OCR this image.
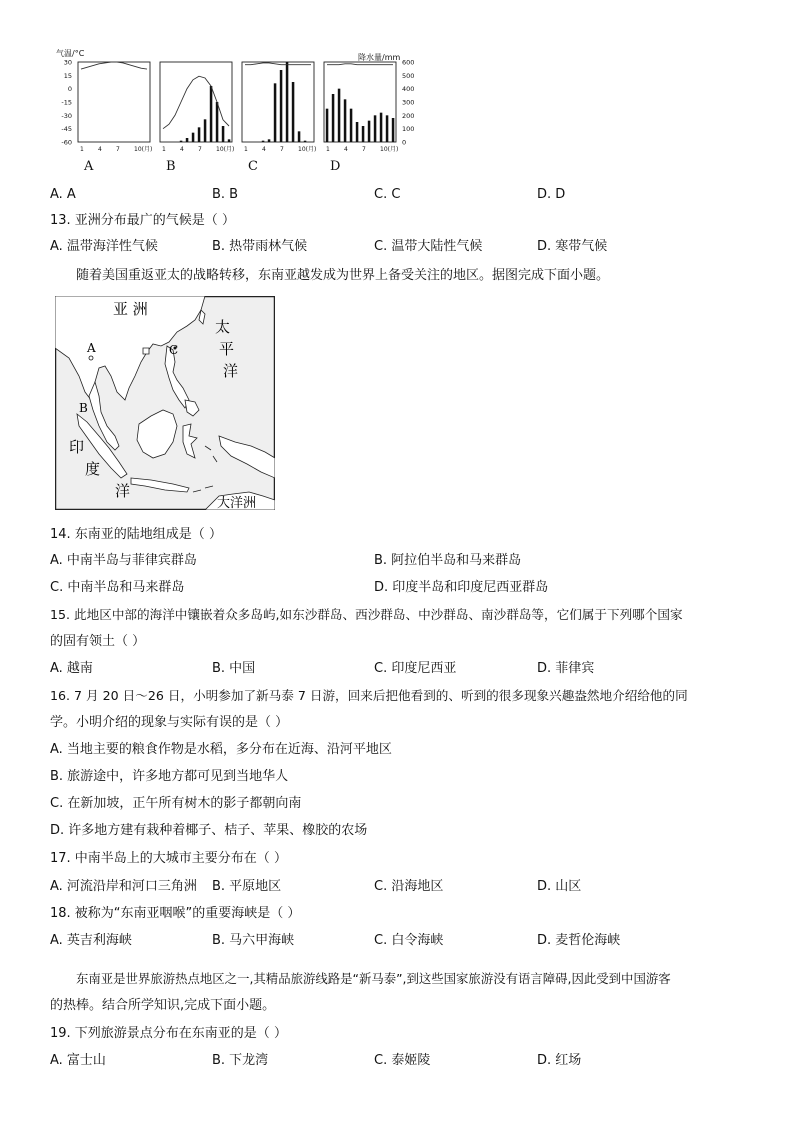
气温/°C	降水量/mm
30
15
0
-15
-30
-45
-60
600
500
400
300
200
100
0
1 4 7 10(月)
A
1 4 7 10(月)
B
1 4 7 10(月)
C
1 4 7 10(月)
D
A. A	B. B	C. C	D. D
13. 亚洲分布最广的气候是（ ）
A. 温带海洋性气候	B. 热带雨林气候	C. 温带大陆性气候	D. 寒带气候
随着美国重返亚太的战略转移，东南亚越发成为世界上备受关注的地区。据图完成下面小题。
亚 洲
太
平
洋
印
度
洋
大洋洲
A
B
C
14. 东南亚的陆地组成是（ ）
A. 中南半岛与菲律宾群岛	B. 阿拉伯半岛和马来群岛
C. 中南半岛和马来群岛	D. 印度半岛和印度尼西亚群岛
15. 此地区中部的海洋中镶嵌着众多岛屿,如东沙群岛、西沙群岛、中沙群岛、南沙群岛等，它们属于下列哪个国家
的固有领土（ ）
A. 越南	B. 中国	C. 印度尼西亚	D. 菲律宾
16. 7 月 20 日～26 日，小明参加了新马泰 7 日游，回来后把他看到的、听到的很多现象兴趣盎然地介绍给他的同
学。小明介绍的现象与实际有误的是（ ）
A. 当地主要的粮食作物是水稻，多分布在近海、沿河平地区
B. 旅游途中，许多地方都可见到当地华人
C. 在新加坡，正午所有树木的影子都朝向南
D. 许多地方建有栽种着椰子、桔子、苹果、橡胶的农场
17. 中南半岛上的大城市主要分布在（ ）
A. 河流沿岸和河口三角洲 B. 平原地区	C. 沿海地区	D. 山区
18. 被称为“东南亚咽喉”的重要海峡是（ ）
A. 英吉利海峡	B. 马六甲海峡	C. 白令海峡	D. 麦哲伦海峡
东南亚是世界旅游热点地区之一,其精品旅游线路是“新马泰”,到这些国家旅游没有语言障碍,因此受到中国游客
的热棒。结合所学知识,完成下面小题。
19. 下列旅游景点分布在东南亚的是（ ）
A. 富士山	B. 下龙湾	C. 泰姬陵	D. 红场
